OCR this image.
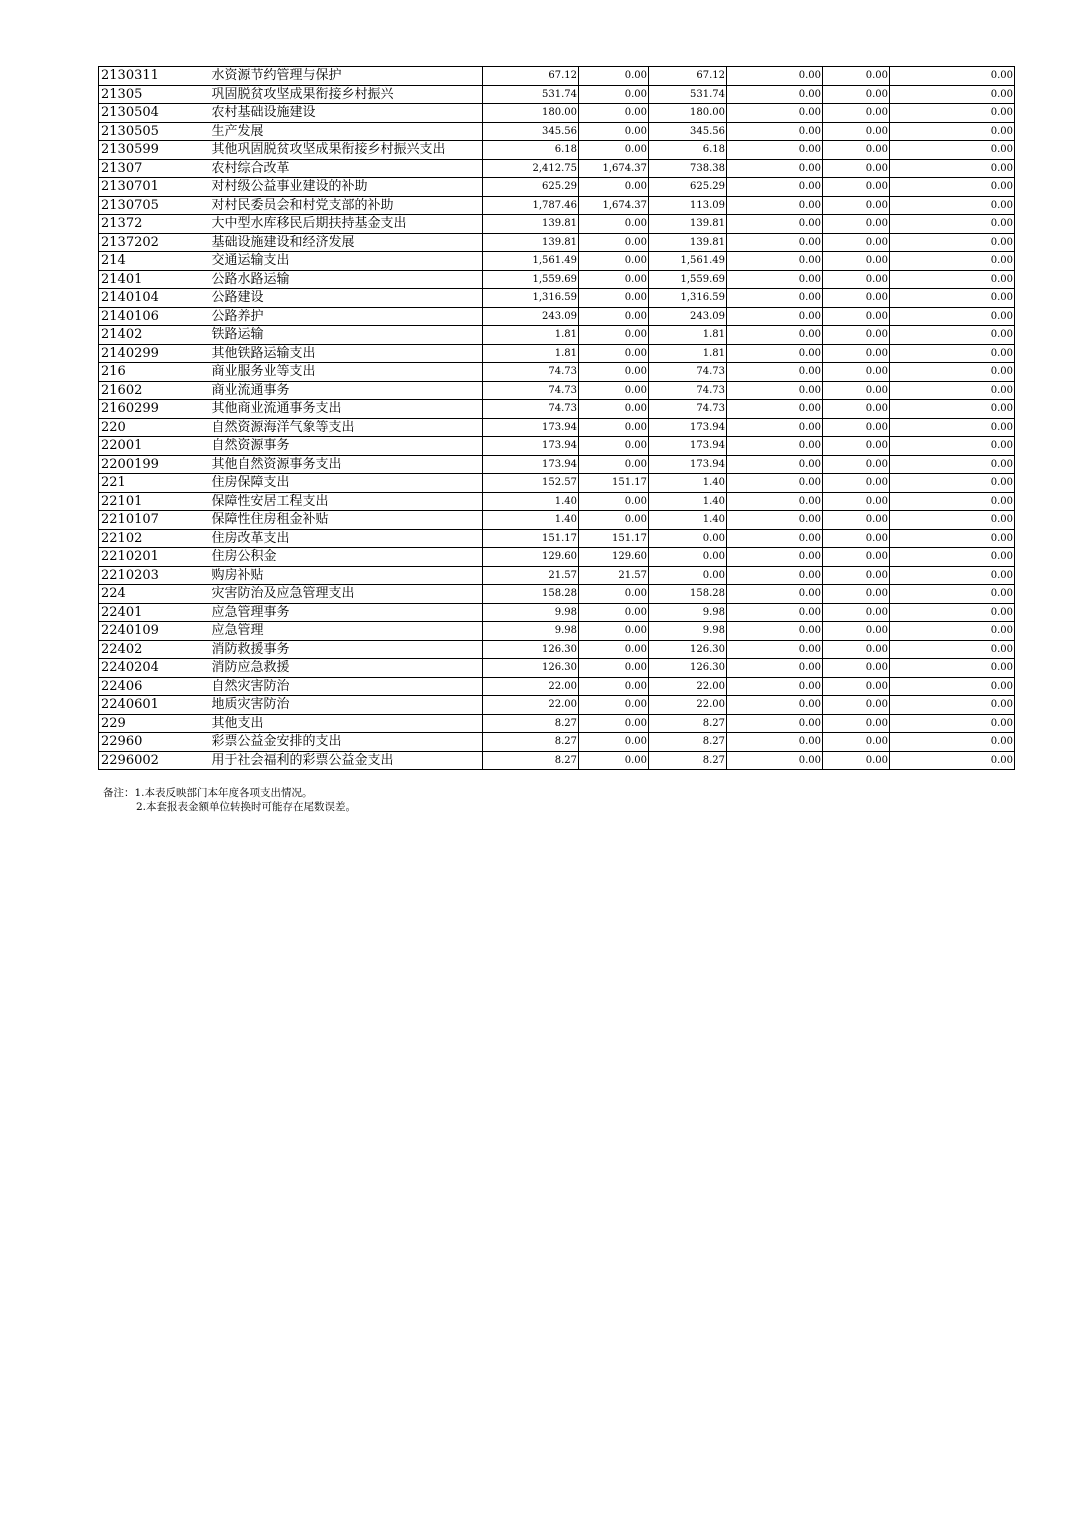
2130311	水资源节约管理与保护	67.12	0.00	67.12	0.00	0.00	0.00
21305	巩固脱贫攻坚成果衔接乡村振兴	531.74	0.00	531.74	0.00	0.00	0.00
2130504	农村基础设施建设	180.00	0.00	180.00	0.00	0.00	0.00
2130505	生产发展	345.56	0.00	345.56	0.00	0.00	0.00
2130599	其他巩固脱贫攻坚成果衔接乡村振兴支出	6.18	0.00	6.18	0.00	0.00	0.00
21307	农村综合改革	2,412.75	1,674.37	738.38	0.00	0.00	0.00
2130701	对村级公益事业建设的补助	625.29	0.00	625.29	0.00	0.00	0.00
2130705	对村民委员会和村党支部的补助	1,787.46	1,674.37	113.09	0.00	0.00	0.00
21372	大中型水库移民后期扶持基金支出	139.81	0.00	139.81	0.00	0.00	0.00
2137202	基础设施建设和经济发展	139.81	0.00	139.81	0.00	0.00	0.00
214	交通运输支出	1,561.49	0.00	1,561.49	0.00	0.00	0.00
21401	公路水路运输	1,559.69	0.00	1,559.69	0.00	0.00	0.00
2140104	公路建设	1,316.59	0.00	1,316.59	0.00	0.00	0.00
2140106	公路养护	243.09	0.00	243.09	0.00	0.00	0.00
21402	铁路运输	1.81	0.00	1.81	0.00	0.00	0.00
2140299	其他铁路运输支出	1.81	0.00	1.81	0.00	0.00	0.00
216	商业服务业等支出	74.73	0.00	74.73	0.00	0.00	0.00
21602	商业流通事务	74.73	0.00	74.73	0.00	0.00	0.00
2160299	其他商业流通事务支出	74.73	0.00	74.73	0.00	0.00	0.00
220	自然资源海洋气象等支出	173.94	0.00	173.94	0.00	0.00	0.00
22001	自然资源事务	173.94	0.00	173.94	0.00	0.00	0.00
2200199	其他自然资源事务支出	173.94	0.00	173.94	0.00	0.00	0.00
221	住房保障支出	152.57	151.17	1.40	0.00	0.00	0.00
22101	保障性安居工程支出	1.40	0.00	1.40	0.00	0.00	0.00
2210107	保障性住房租金补贴	1.40	0.00	1.40	0.00	0.00	0.00
22102	住房改革支出	151.17	151.17	0.00	0.00	0.00	0.00
2210201	住房公积金	129.60	129.60	0.00	0.00	0.00	0.00
2210203	购房补贴	21.57	21.57	0.00	0.00	0.00	0.00
224	灾害防治及应急管理支出	158.28	0.00	158.28	0.00	0.00	0.00
22401	应急管理事务	9.98	0.00	9.98	0.00	0.00	0.00
2240109	应急管理	9.98	0.00	9.98	0.00	0.00	0.00
22402	消防救援事务	126.30	0.00	126.30	0.00	0.00	0.00
2240204	消防应急救援	126.30	0.00	126.30	0.00	0.00	0.00
22406	自然灾害防治	22.00	0.00	22.00	0.00	0.00	0.00
2240601	地质灾害防治	22.00	0.00	22.00	0.00	0.00	0.00
229	其他支出	8.27	0.00	8.27	0.00	0.00	0.00
22960	彩票公益金安排的支出	8.27	0.00	8.27	0.00	0.00	0.00
2296002	用于社会福利的彩票公益金支出	8.27	0.00	8.27	0.00	0.00	0.00
备注：1.本表反映部门本年度各项支出情况。
2.本套报表金额单位转换时可能存在尾数误差。
